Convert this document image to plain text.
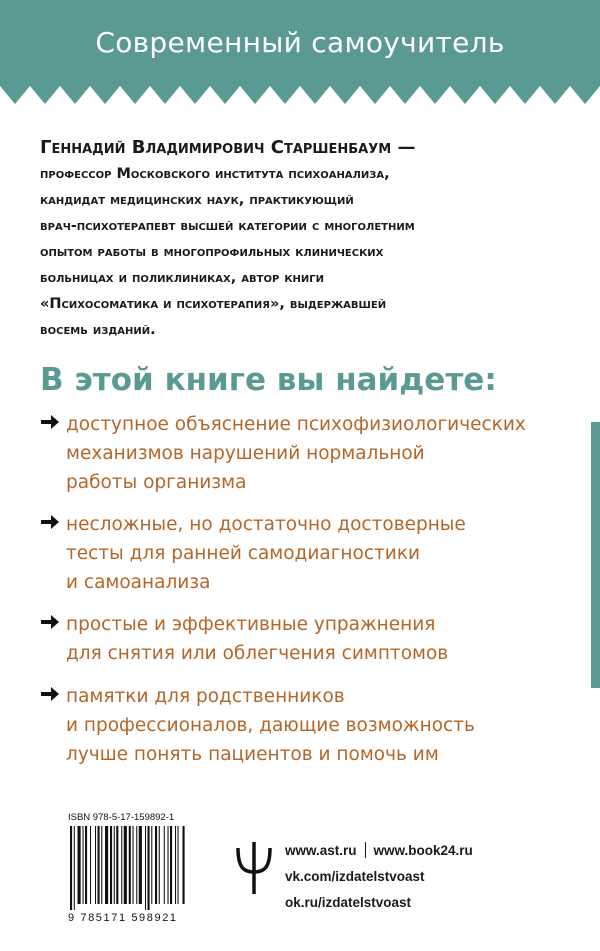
Современный самоучитель
Геннадий Владимирович Старшенбаум —
профессор Московского института психоанализа,
кандидат медицинских наук, практикующий
врач-психотерапевт высшей категории с многолетним
опытом работы в многопрофильных клинических
больницах и поликлиниках, автор книги
«Психосоматика и психотерапия», выдержавшей
восемь изданий.
В этой книге вы найдете:
доступное объяснение психофизиологических
механизмов нарушений нормальной
работы организма
несложные, но достаточно достоверные
тесты для ранней самодиагностики
и самоанализа
простые и эффективные упражнения
для снятия или облегчения симптомов
памятки для родственников
и профессионалов, дающие возможность
лучше понять пациентов и помочь им
ISBN 978-5-17-159892-1
9 785171 598921
www.ast.ru www.book24.ru
vk.com/izdatelstvoast
ok.ru/izdatelstvoast
